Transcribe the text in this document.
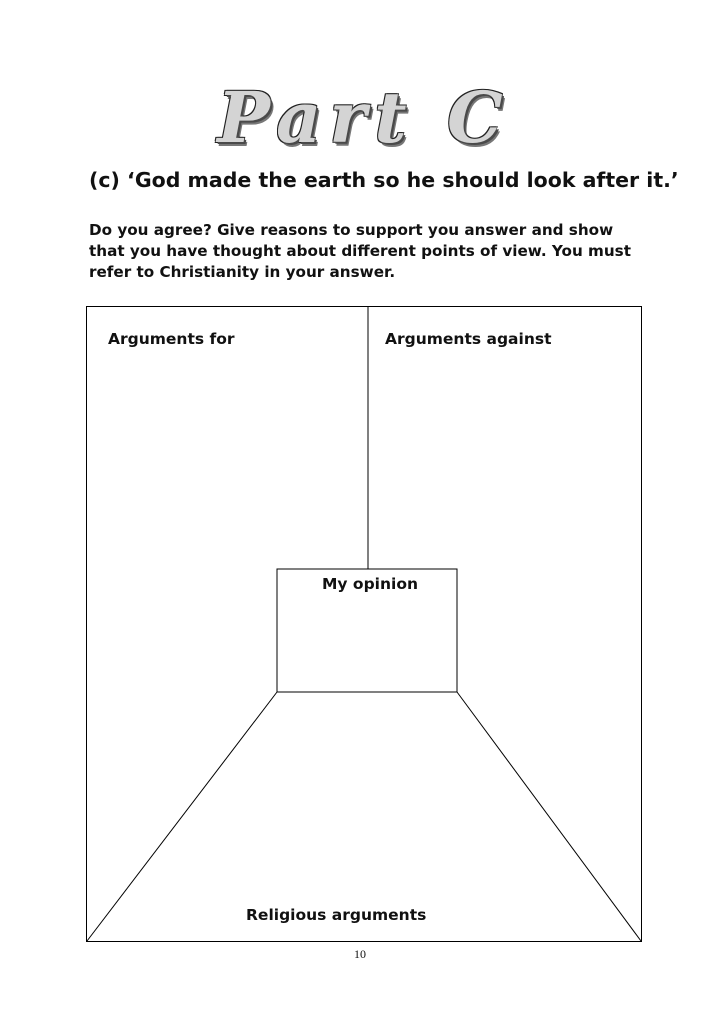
Part C
(c) ‘God made the earth so he should look after it.’
Do you agree? Give reasons to support you answer and show that you have thought about different points of view. You must refer to Christianity in your answer.
Arguments for	Arguments against
My opinion
Religious arguments
10
